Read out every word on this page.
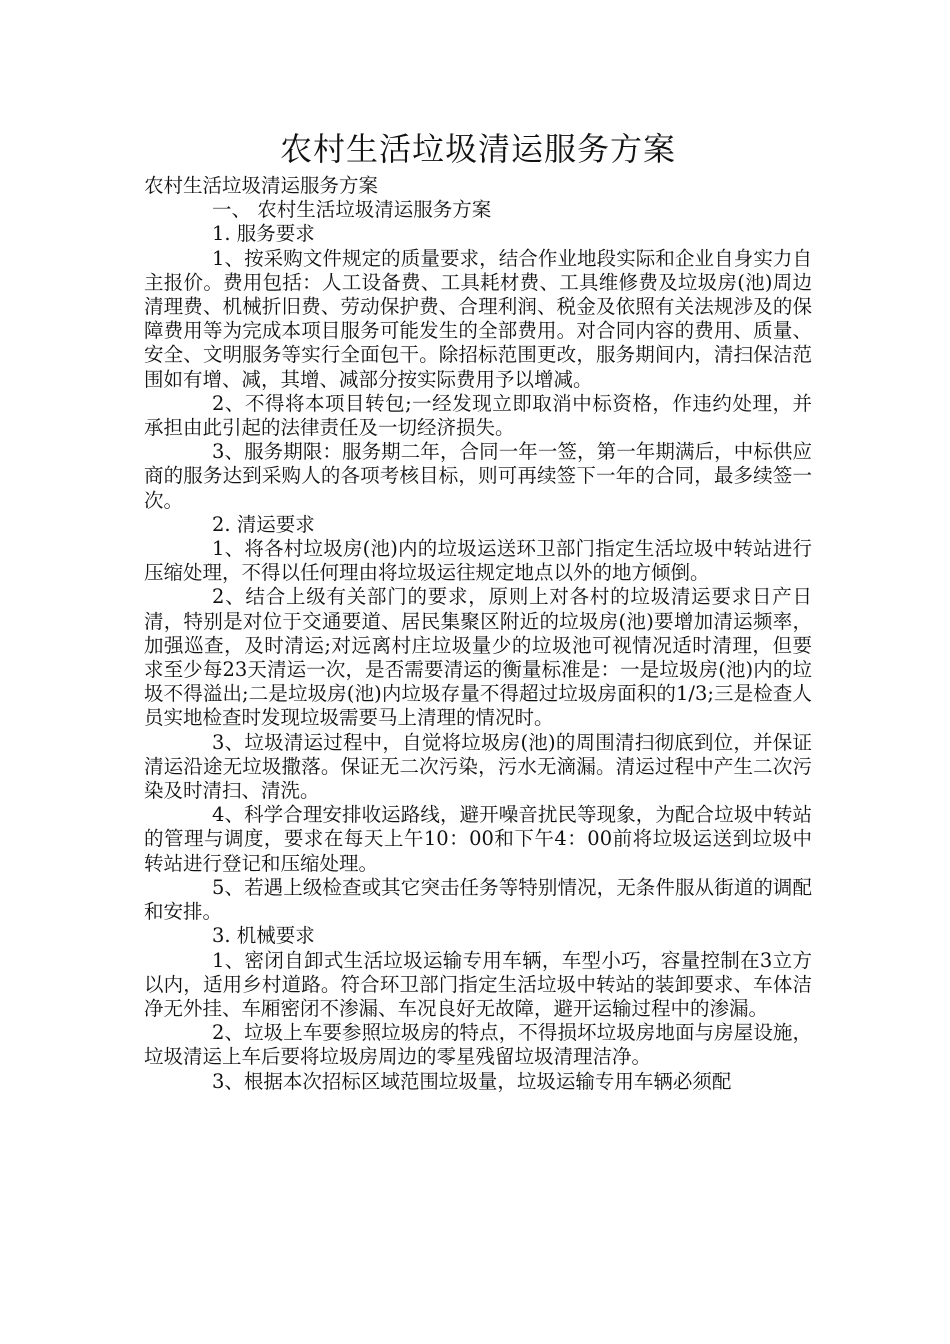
农村生活垃圾清运服务方案

农村生活垃圾清运服务方案

一、 农村生活垃圾清运服务方案

1. 服务要求

1、按采购文件规定的质量要求，结合作业地段实际和企业自身实力自主报价。费用包括：人工设备费、工具耗材费、工具维修费及垃圾房(池)周边清理费、机械折旧费、劳动保护费、合理利润、税金及依照有关法规涉及的保障费用等为完成本项目服务可能发生的全部费用。对合同内容的费用、质量、安全、文明服务等实行全面包干。除招标范围更改，服务期间内，清扫保洁范围如有增、减，其增、减部分按实际费用予以增减。

2、不得将本项目转包;一经发现立即取消中标资格，作违约处理，并承担由此引起的法律责任及一切经济损失。

3、服务期限：服务期二年，合同一年一签，第一年期满后，中标供应商的服务达到采购人的各项考核目标，则可再续签下一年的合同，最多续签一次。

2. 清运要求

1、将各村垃圾房(池)内的垃圾运送环卫部门指定生活垃圾中转站进行压缩处理，不得以任何理由将垃圾运往规定地点以外的地方倾倒。

2、结合上级有关部门的要求，原则上对各村的垃圾清运要求日产日清，特别是对位于交通要道、居民集聚区附近的垃圾房(池)要增加清运频率，加强巡查，及时清运;对远离村庄垃圾量少的垃圾池可视情况适时清理，但要求至少每23天清运一次，是否需要清运的衡量标准是：一是垃圾房(池)内的垃圾不得溢出;二是垃圾房(池)内垃圾存量不得超过垃圾房面积的1/3;三是检查人员实地检查时发现垃圾需要马上清理的情况时。

3、垃圾清运过程中，自觉将垃圾房(池)的周围清扫彻底到位，并保证清运沿途无垃圾撒落。保证无二次污染，污水无滴漏。清运过程中产生二次污染及时清扫、清洗。

4、科学合理安排收运路线，避开噪音扰民等现象，为配合垃圾中转站的管理与调度，要求在每天上午10：00和下午4：00前将垃圾运送到垃圾中转站进行登记和压缩处理。

5、若遇上级检查或其它突击任务等特别情况，无条件服从街道的调配和安排。

3. 机械要求

1、密闭自卸式生活垃圾运输专用车辆，车型小巧，容量控制在3立方以内，适用乡村道路。符合环卫部门指定生活垃圾中转站的装卸要求、车体洁净无外挂、车厢密闭不渗漏、车况良好无故障，避开运输过程中的渗漏。

2、垃圾上车要参照垃圾房的特点，不得损坏垃圾房地面与房屋设施，垃圾清运上车后要将垃圾房周边的零星残留垃圾清理洁净。

3、根据本次招标区域范围垃圾量，垃圾运输专用车辆必须配
